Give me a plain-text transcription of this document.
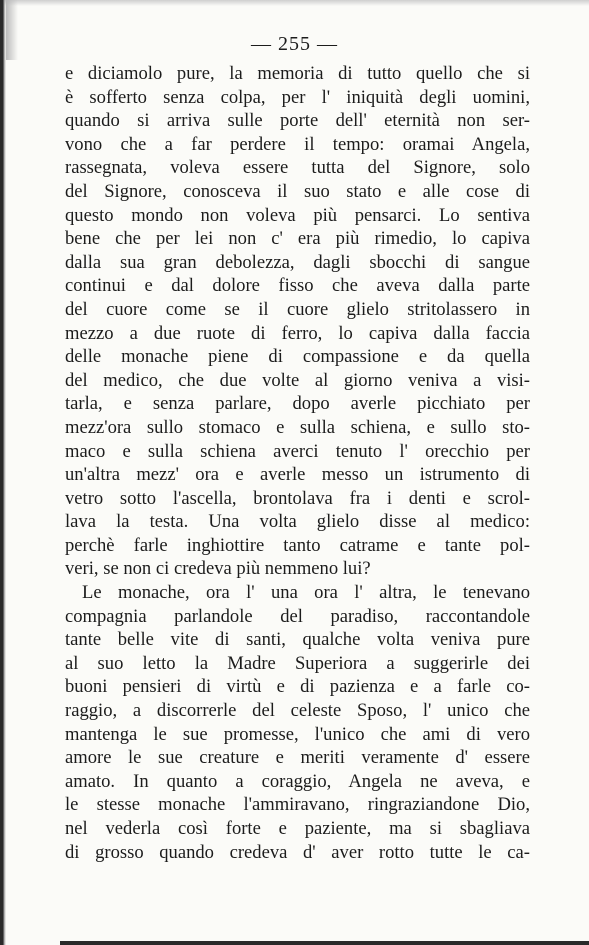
— 255 —
e diciamolo pure, la memoria di tutto quello che si
è sofferto senza colpa, per l' iniquità degli uomini,
quando si arriva sulle porte dell' eternità non ser-
vono che a far perdere il tempo: oramai Angela,
rassegnata, voleva essere tutta del Signore, solo
del Signore, conosceva il suo stato e alle cose di
questo mondo non voleva più pensarci. Lo sentiva
bene che per lei non c' era più rimedio, lo capiva
dalla sua gran debolezza, dagli sbocchi di sangue
continui e dal dolore fisso che aveva dalla parte
del cuore come se il cuore glielo stritolassero in
mezzo a due ruote di ferro, lo capiva dalla faccia
delle monache piene di compassione e da quella
del medico, che due volte al giorno veniva a visi-
tarla, e senza parlare, dopo averle picchiato per
mezz'ora sullo stomaco e sulla schiena, e sullo sto-
maco e sulla schiena averci tenuto l' orecchio per
un'altra mezz' ora e averle messo un istrumento di
vetro sotto l'ascella, brontolava fra i denti e scrol-
lava la testa. Una volta glielo disse al medico:
perchè farle inghiottire tanto catrame e tante pol-
veri, se non ci credeva più nemmeno lui?
Le monache, ora l' una ora l' altra, le tenevano
compagnia parlandole del paradiso, raccontandole
tante belle vite di santi, qualche volta veniva pure
al suo letto la Madre Superiora a suggerirle dei
buoni pensieri di virtù e di pazienza e a farle co-
raggio, a discorrerle del celeste Sposo, l' unico che
mantenga le sue promesse, l'unico che ami di vero
amore le sue creature e meriti veramente d' essere
amato. In quanto a coraggio, Angela ne aveva, e
le stesse monache l'ammiravano, ringraziandone Dio,
nel vederla così forte e paziente, ma si sbagliava
di grosso quando credeva d' aver rotto tutte le ca-
